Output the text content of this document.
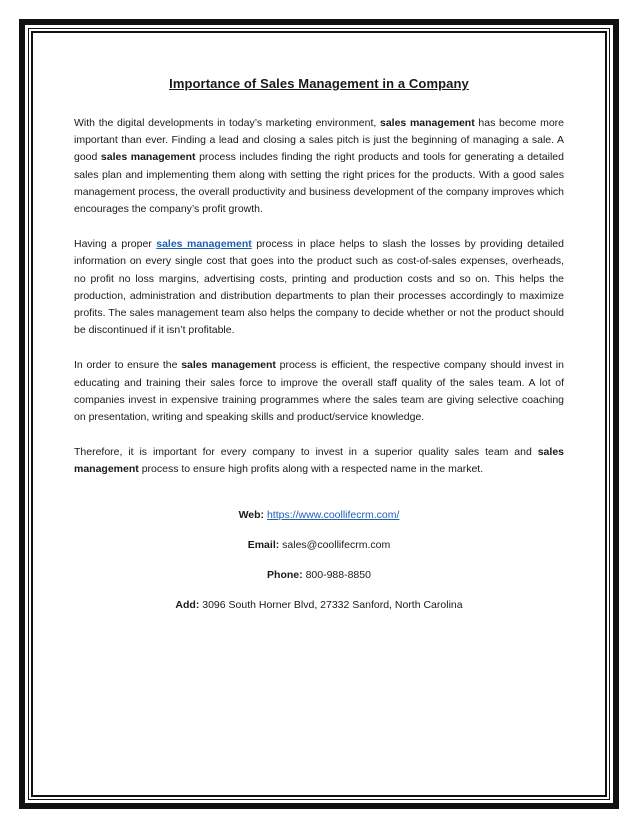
Importance of Sales Management in a Company

With the digital developments in today’s marketing environment, sales management has become more important than ever. Finding a lead and closing a sales pitch is just the beginning of managing a sale. A good sales management process includes finding the right products and tools for generating a detailed sales plan and implementing them along with setting the right prices for the products. With a good sales management process, the overall productivity and business development of the company improves which encourages the company’s profit growth.

Having a proper sales management process in place helps to slash the losses by providing detailed information on every single cost that goes into the product such as cost-of-sales expenses, overheads, no profit no loss margins, advertising costs, printing and production costs and so on. This helps the production, administration and distribution departments to plan their processes accordingly to maximize profits. The sales management team also helps the company to decide whether or not the product should be discontinued if it isn’t profitable.

In order to ensure the sales management process is efficient, the respective company should invest in educating and training their sales force to improve the overall staff quality of the sales team. A lot of companies invest in expensive training programmes where the sales team are giving selective coaching on presentation, writing and speaking skills and product/service knowledge.

Therefore, it is important for every company to invest in a superior quality sales team and sales management process to ensure high profits along with a respected name in the market.

Web: https://www.coollifecrm.com/
Email: sales@coollifecrm.com
Phone: 800-988-8850
Add: 3096 South Horner Blvd, 27332 Sanford, North Carolina
